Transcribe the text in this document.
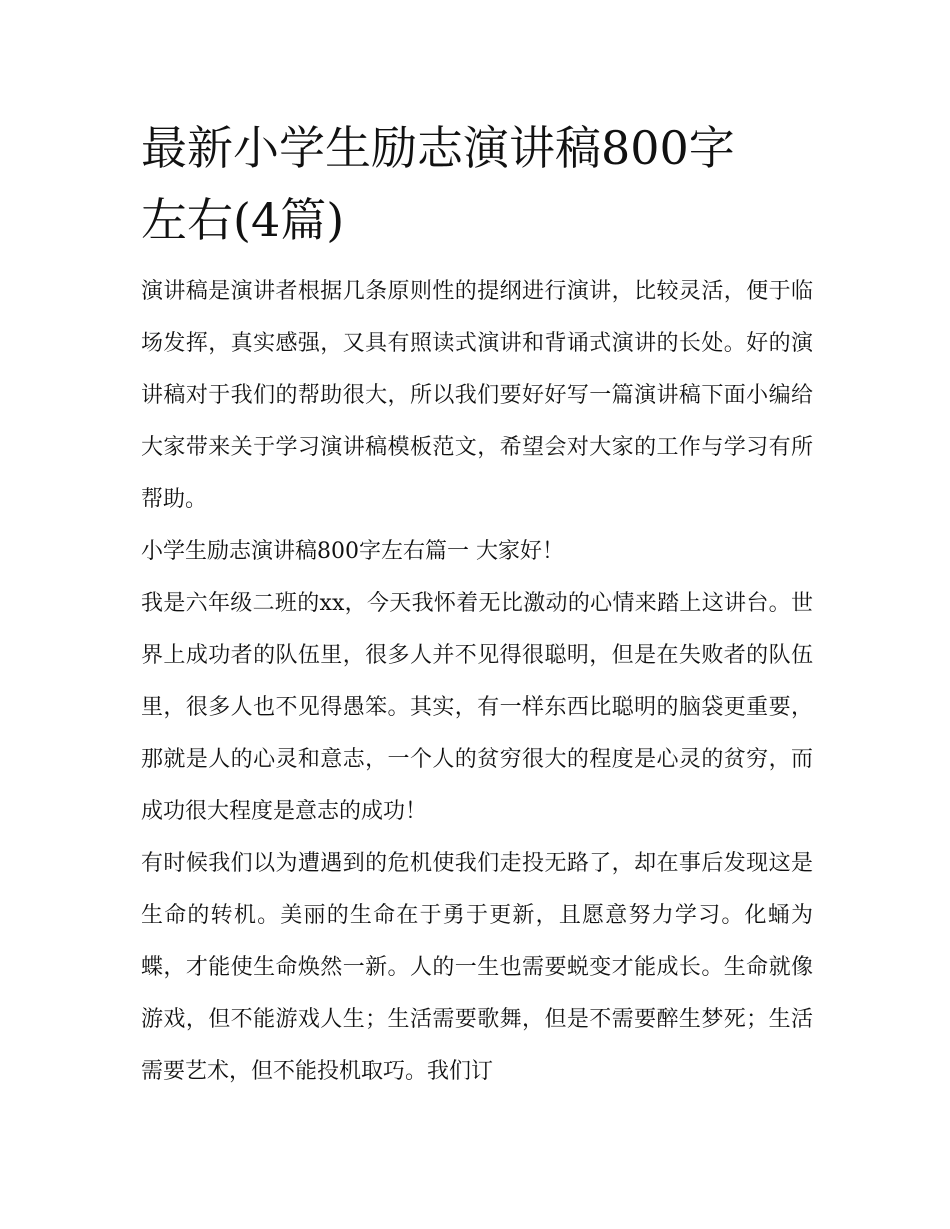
最新小学生励志演讲稿800字
左右(4篇)

演讲稿是演讲者根据几条原则性的提纲进行演讲，比较灵活，便于临场发挥，真实感强，又具有照读式演讲和背诵式演讲的长处。好的演讲稿对于我们的帮助很大，所以我们要好好写一篇演讲稿下面小编给大家带来关于学习演讲稿模板范文，希望会对大家的工作与学习有所帮助。

小学生励志演讲稿800字左右篇一 大家好！

我是六年级二班的xx，今天我怀着无比激动的心情来踏上这讲台。世界上成功者的队伍里，很多人并不见得很聪明，但是在失败者的队伍里，很多人也不见得愚笨。其实，有一样东西比聪明的脑袋更重要，那就是人的心灵和意志，一个人的贫穷很大的程度是心灵的贫穷，而成功很大程度是意志的成功！

有时候我们以为遭遇到的危机使我们走投无路了，却在事后发现这是生命的转机。美丽的生命在于勇于更新，且愿意努力学习。化蛹为蝶，才能使生命焕然一新。人的一生也需要蜕变才能成长。生命就像游戏，但不能游戏人生；生活需要歌舞，但是不需要醉生梦死；生活需要艺术，但不能投机取巧。我们订
